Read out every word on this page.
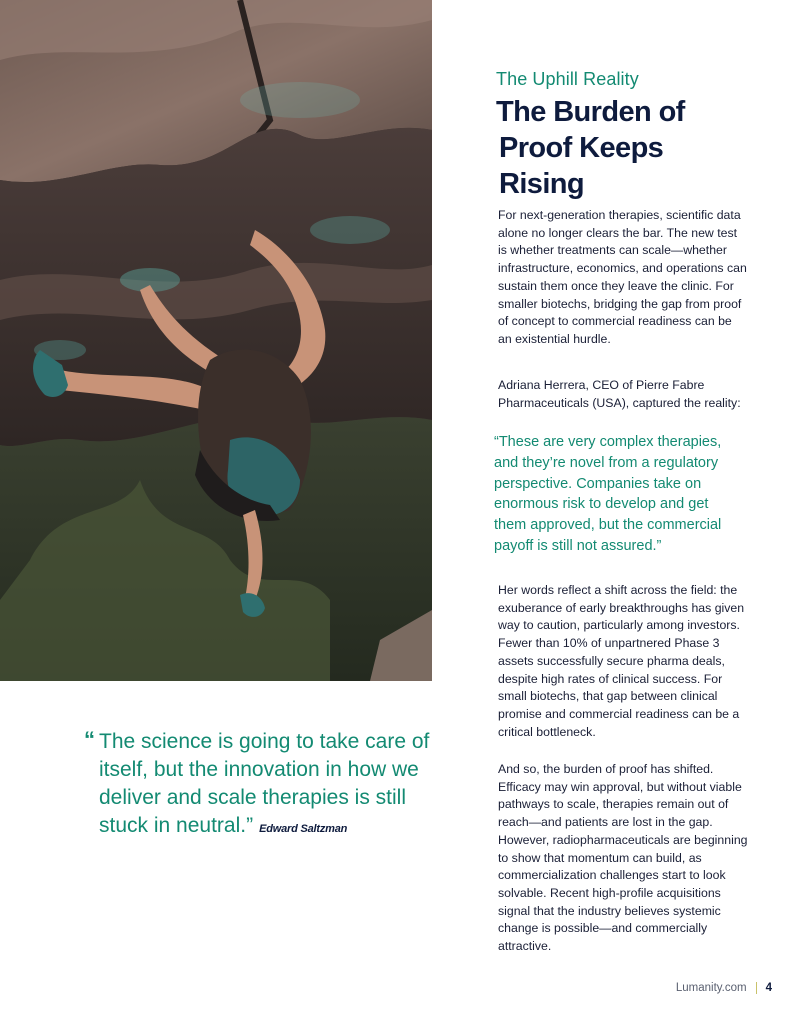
The Uphill Reality
The Burden of
Proof Keeps
Rising

For next-generation therapies, scientific data alone no longer clears the bar. The new test is whether treatments can scale—whether infrastructure, economics, and operations can sustain them once they leave the clinic. For smaller biotechs, bridging the gap from proof of concept to commercial readiness can be an existential hurdle.

Adriana Herrera, CEO of Pierre Fabre Pharmaceuticals (USA), captured the reality:

“These are very complex therapies, and they’re novel from a regulatory perspective. Companies take on enormous risk to develop and get them approved, but the commercial payoff is still not assured.”

Her words reflect a shift across the field: the exuberance of early breakthroughs has given way to caution, particularly among investors. Fewer than 10% of unpartnered Phase 3 assets successfully secure pharma deals, despite high rates of clinical success. For small biotechs, that gap between clinical promise and commercial readiness can be a critical bottleneck.

And so, the burden of proof has shifted. Efficacy may win approval, but without viable pathways to scale, therapies remain out of reach—and patients are lost in the gap. However, radiopharmaceuticals are beginning to show that momentum can build, as commercialization challenges start to look solvable. Recent high-profile acquisitions signal that the industry believes systemic change is possible—and commercially attractive.

“ The science is going to take care of itself, but the innovation in how we deliver and scale therapies is still stuck in neutral.” Edward Saltzman
Lumanity.com 4
